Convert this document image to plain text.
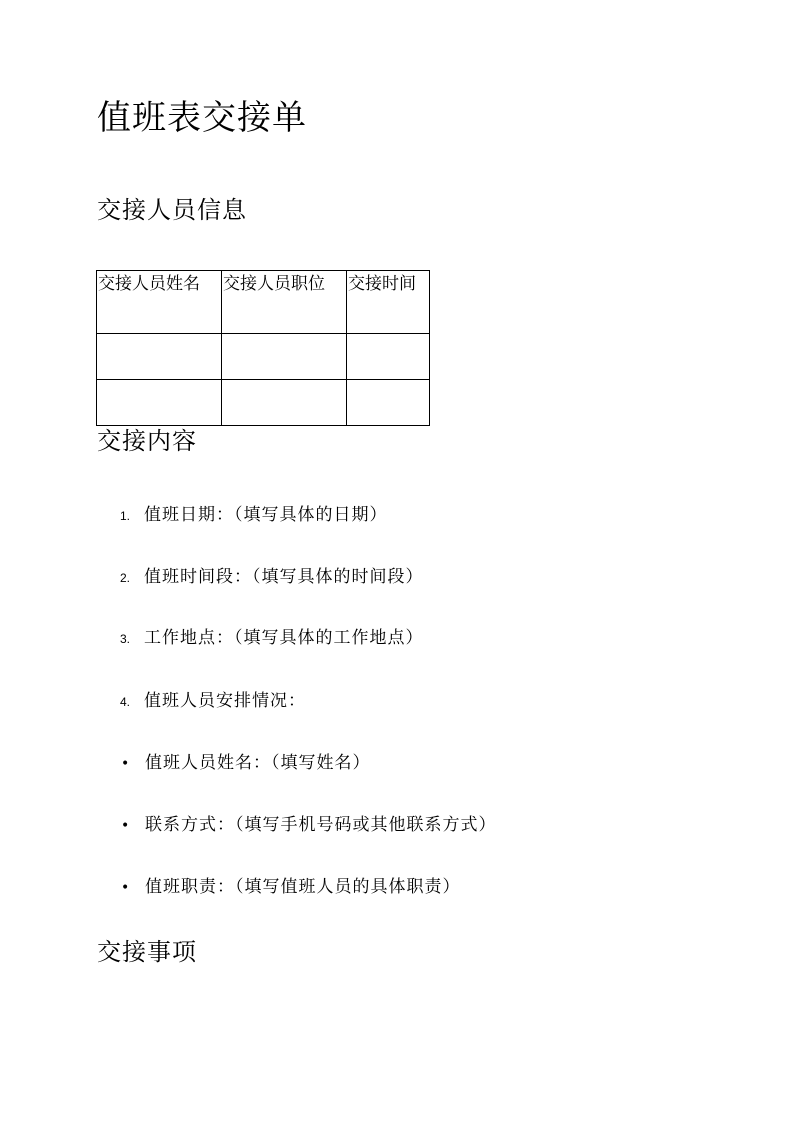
值班表交接单
交接人员信息
交接人员姓名	交接人员职位	交接时间

交接内容
1. 值班日期：（填写具体的日期）
2. 值班时间段：（填写具体的时间段）
3. 工作地点：（填写具体的工作地点）
4. 值班人员安排情况：
• 值班人员姓名：（填写姓名）
• 联系方式：（填写手机号码或其他联系方式）
• 值班职责：（填写值班人员的具体职责）
交接事项
